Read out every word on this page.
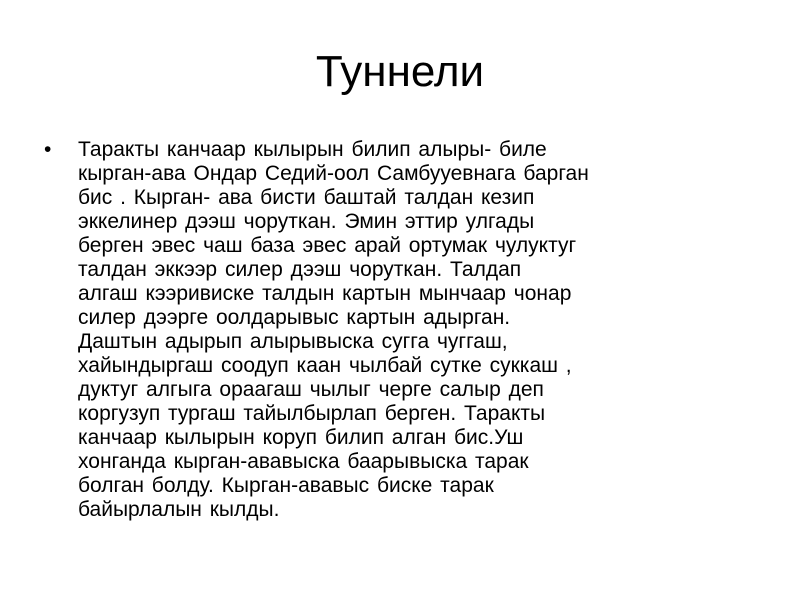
Туннели
• Таракты канчаар кылырын билип алыры- биле
кырган-ава Ондар Седий-оол Самбууевнага барган
бис . Кырган- ава бисти баштай талдан кезип
эккелинер дээш чоруткан. Эмин эттир улгады
берген эвес чаш база эвес арай ортумак чулуктуг
талдан эккээр силер дээш чоруткан. Талдап
алгаш кээривиске талдын картын мынчаар чонар
силер дээрге оолдарывыс картын адырган.
Даштын адырып алырывыска сугга чуггаш,
хайындыргаш соодуп каан чылбай сутке суккаш ,
дуктуг алгыга ораагаш чылыг черге салыр деп
коргузуп тургаш тайылбырлап берген. Таракты
канчаар кылырын коруп билип алган бис.Уш
хонганда кырган-ававыска баарывыска тарак
болган болду. Кырган-ававыс биске тарак
байырлалын кылды.
